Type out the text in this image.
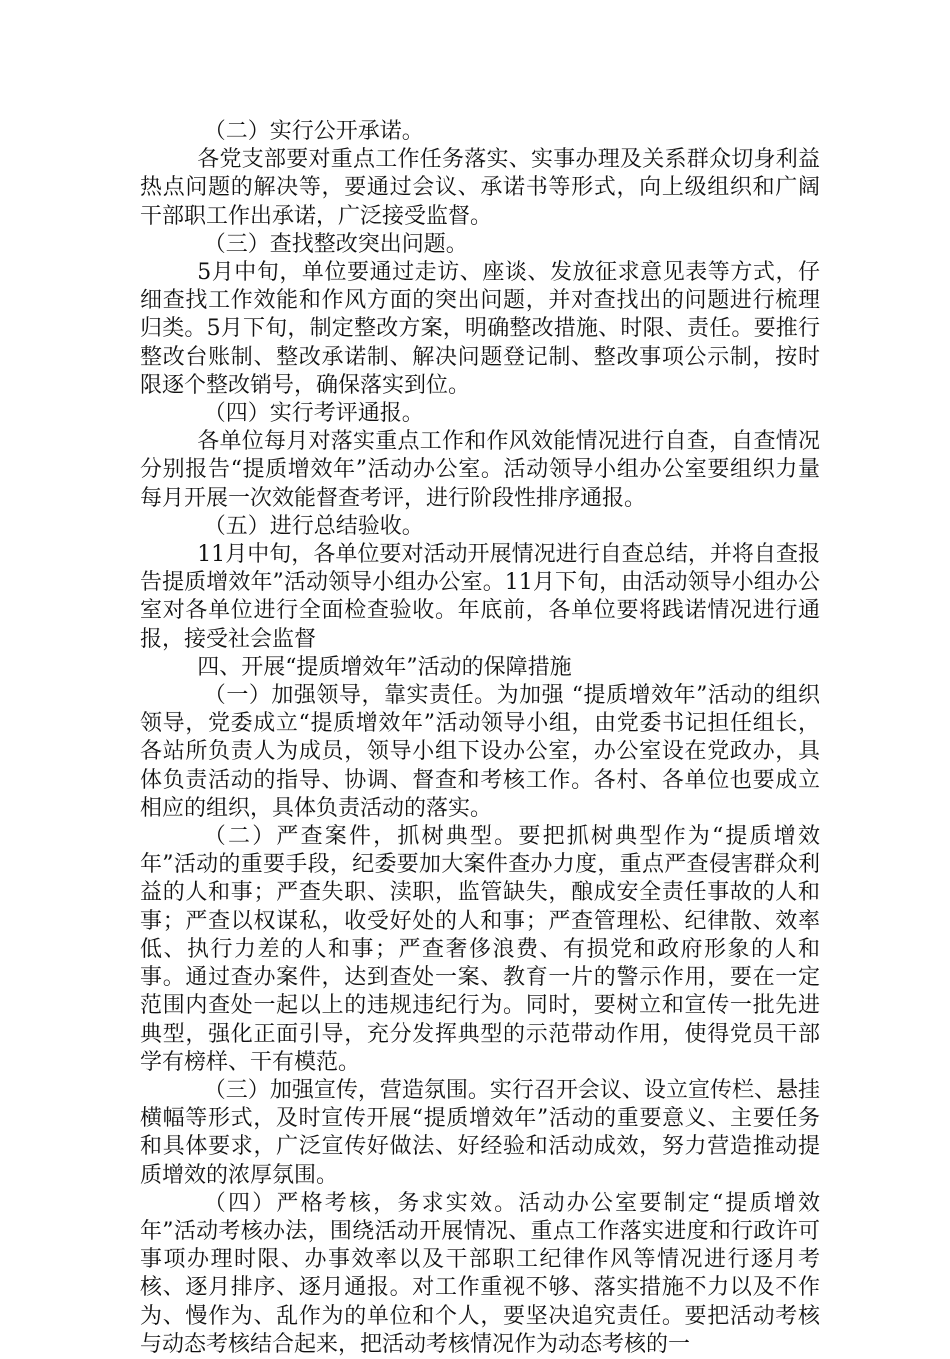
（二）实行公开承诺。

各党支部要对重点工作任务落实、实事办理及关系群众切身利益热点问题的解决等，要通过会议、承诺书等形式，向上级组织和广阔干部职工作出承诺，广泛接受监督。

（三）查找整改突出问题。

5月中旬，单位要通过走访、座谈、发放征求意见表等方式，仔细查找工作效能和作风方面的突出问题，并对查找出的问题进行梳理归类。5月下旬，制定整改方案，明确整改措施、时限、责任。要推行整改台账制、整改承诺制、解决问题登记制、整改事项公示制，按时限逐个整改销号，确保落实到位。

（四）实行考评通报。

各单位每月对落实重点工作和作风效能情况进行自查，自查情况分别报告“提质增效年”活动办公室。活动领导小组办公室要组织力量每月开展一次效能督查考评，进行阶段性排序通报。

（五）进行总结验收。

11月中旬，各单位要对活动开展情况进行自查总结，并将自查报告提质增效年”活动领导小组办公室。11月下旬，由活动领导小组办公室对各单位进行全面检查验收。年底前，各单位要将践诺情况进行通报，接受社会监督

四、开展“提质增效年”活动的保障措施

（一）加强领导，靠实责任。为加强 “提质增效年”活动的组织领导，党委成立“提质增效年”活动领导小组，由党委书记担任组长，各站所负责人为成员，领导小组下设办公室，办公室设在党政办，具体负责活动的指导、协调、督查和考核工作。各村、各单位也要成立相应的组织，具体负责活动的落实。

（二）严查案件，抓树典型。要把抓树典型作为“提质增效年”活动的重要手段，纪委要加大案件查办力度，重点严查侵害群众利益的人和事；严查失职、渎职，监管缺失，酿成安全责任事故的人和事；严查以权谋私，收受好处的人和事；严查管理松、纪律散、效率低、执行力差的人和事；严查奢侈浪费、有损党和政府形象的人和事。通过查办案件，达到查处一案、教育一片的警示作用，要在一定范围内查处一起以上的违规违纪行为。同时，要树立和宣传一批先进典型，强化正面引导，充分发挥典型的示范带动作用，使得党员干部学有榜样、干有模范。

（三）加强宣传，营造氛围。实行召开会议、设立宣传栏、悬挂横幅等形式，及时宣传开展“提质增效年”活动的重要意义、主要任务和具体要求，广泛宣传好做法、好经验和活动成效，努力营造推动提质增效的浓厚氛围。

（四）严格考核，务求实效。活动办公室要制定“提质增效年”活动考核办法，围绕活动开展情况、重点工作落实进度和行政许可事项办理时限、办事效率以及干部职工纪律作风等情况进行逐月考核、逐月排序、逐月通报。对工作重视不够、落实措施不力以及不作为、慢作为、乱作为的单位和个人，要坚决追究责任。要把活动考核与动态考核结合起来，把活动考核情况作为动态考核的一
